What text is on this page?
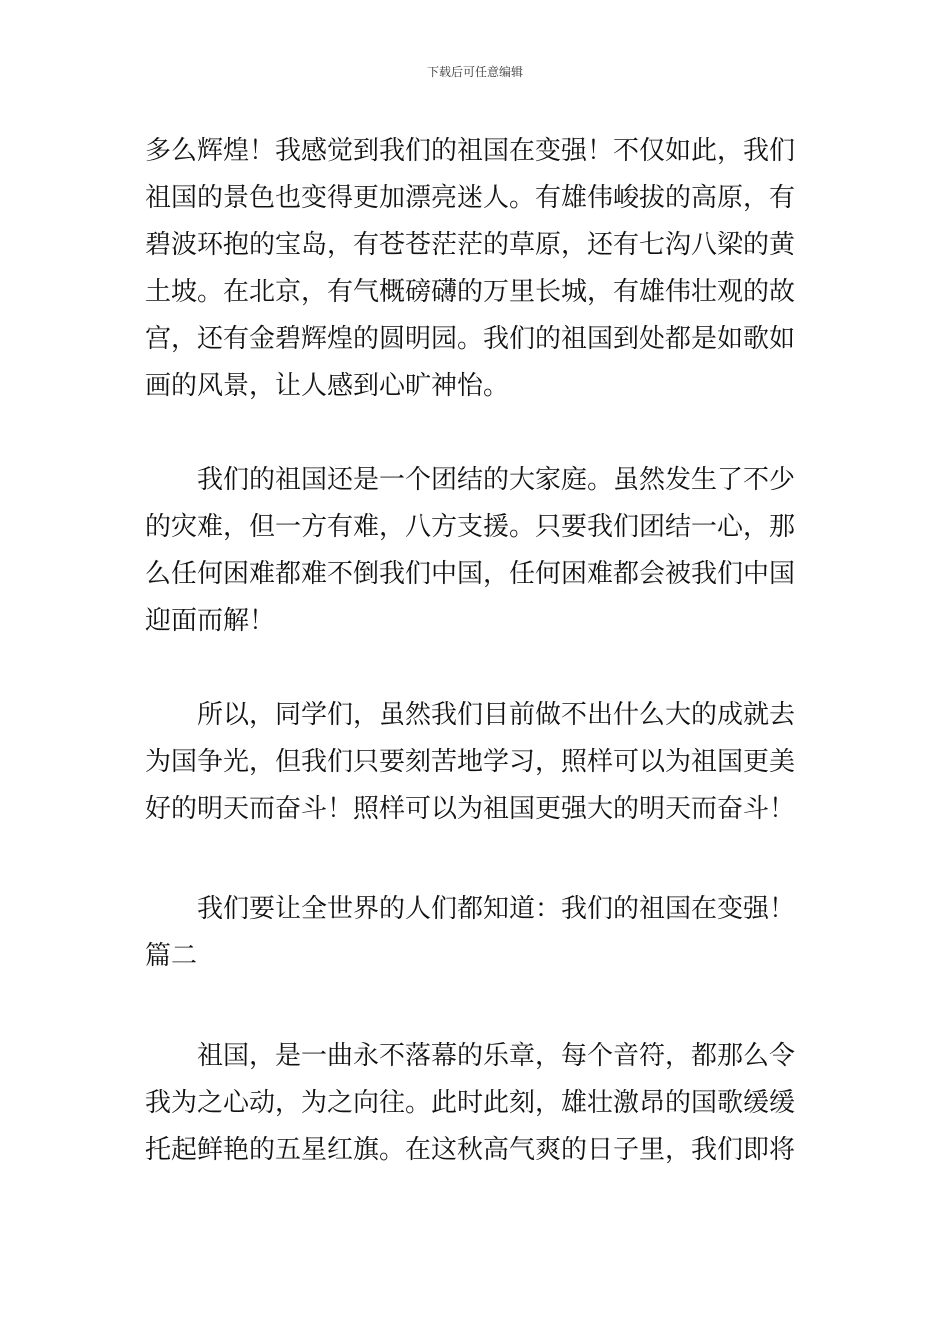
下载后可任意编辑
多么辉煌！我感觉到我们的祖国在变强！不仅如此，我们
祖国的景色也变得更加漂亮迷人。有雄伟峻拔的高原，有
碧波环抱的宝岛，有苍苍茫茫的草原，还有七沟八梁的黄
土坡。在北京，有气概磅礴的万里长城，有雄伟壮观的故
宫，还有金碧辉煌的圆明园。我们的祖国到处都是如歌如
画的风景，让人感到心旷神怡。
我们的祖国还是一个团结的大家庭。虽然发生了不少
的灾难，但一方有难，八方支援。只要我们团结一心，那
么任何困难都难不倒我们中国，任何困难都会被我们中国
迎面而解！
所以，同学们，虽然我们目前做不出什么大的成就去
为国争光，但我们只要刻苦地学习，照样可以为祖国更美
好的明天而奋斗！照样可以为祖国更强大的明天而奋斗！
我们要让全世界的人们都知道：我们的祖国在变强！
篇二
祖国，是一曲永不落幕的乐章，每个音符，都那么令
我为之心动，为之向往。此时此刻，雄壮激昂的国歌缓缓
托起鲜艳的五星红旗。在这秋高气爽的日子里，我们即将
